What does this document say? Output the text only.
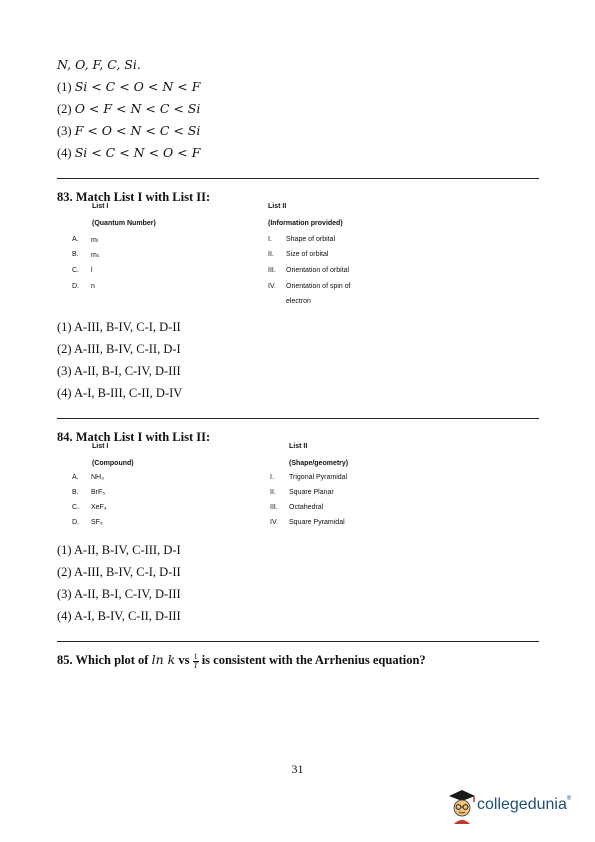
N, O, F, C, Si.
(1) Si < C < O < N < F
(2) O < F < N < C < Si
(3) F < O < N < C < Si
(4) Si < C < N < O < F
83. Match List I with List II:
List I
(Quantum Number)
List II
(Information provided)
A. mₗ
B. mₛ
C. l
D. n
I. Shape of orbital
II. Size of orbital
III. Orientation of orbital
IV. Orientation of spin of
electron
(1) A-III, B-IV, C-I, D-II
(2) A-III, B-IV, C-II, D-I
(3) A-II, B-I, C-IV, D-III
(4) A-I, B-III, C-II, D-IV
84. Match List I with List II:
List I
(Compound)
List II
(Shape/geometry)
A. NH₃
B. BrF₅
C. XeF₄
D. SF₆
I. Trigonal Pyramidal
II. Square Planar
III. Octahedral
IV. Square Pyramidal
(1) A-II, B-IV, C-III, D-I
(2) A-III, B-IV, C-I, D-II
(3) A-II, B-I, C-IV, D-III
(4) A-I, B-IV, C-II, D-III
85. Which plot of ln k vs $\frac{1}{T}$ is consistent with the Arrhenius equation?
31
collegedunia®
